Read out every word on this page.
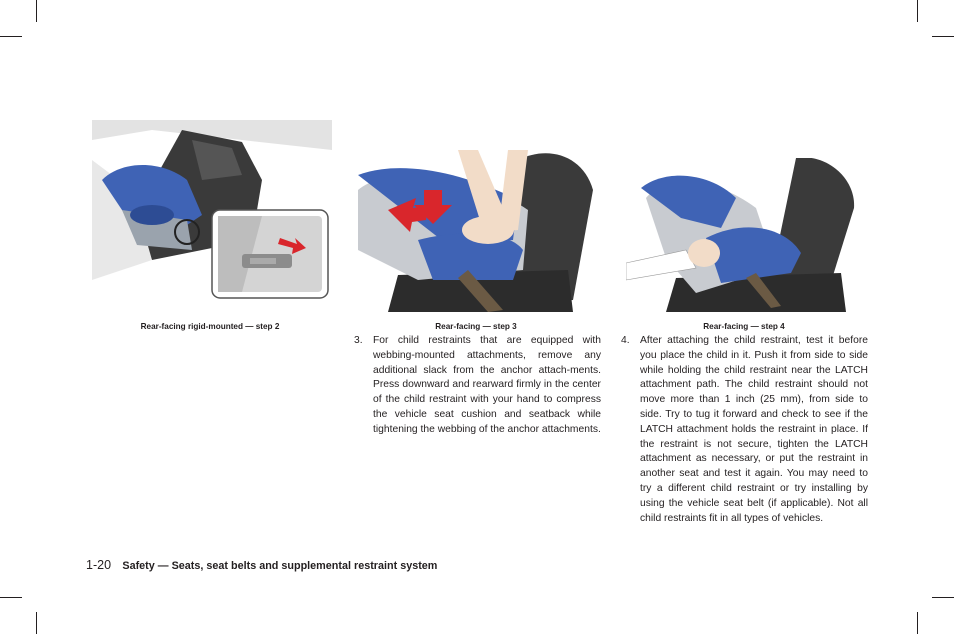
Rear-facing rigid-mounted — step 2	Rear-facing — step 3	Rear-facing — step 4
3. For child restraints that are equipped with webbing-mounted attachments, remove any additional slack from the anchor attach-ments. Press downward and rearward firmly in the center of the child restraint with your hand to compress the vehicle seat cushion and seatback while tightening the webbing of the anchor attachments.
4. After attaching the child restraint, test it before you place the child in it. Push it from side to side while holding the child restraint near the LATCH attachment path. The child restraint should not move more than 1 inch (25 mm), from side to side. Try to tug it forward and check to see if the LATCH attachment holds the restraint in place. If the restraint is not secure, tighten the LATCH attachment as necessary, or put the restraint in another seat and test it again. You may need to try a different child restraint or try installing by using the vehicle seat belt (if applicable). Not all child restraints fit in all types of vehicles.
1-20 Safety — Seats, seat belts and supplemental restraint system
